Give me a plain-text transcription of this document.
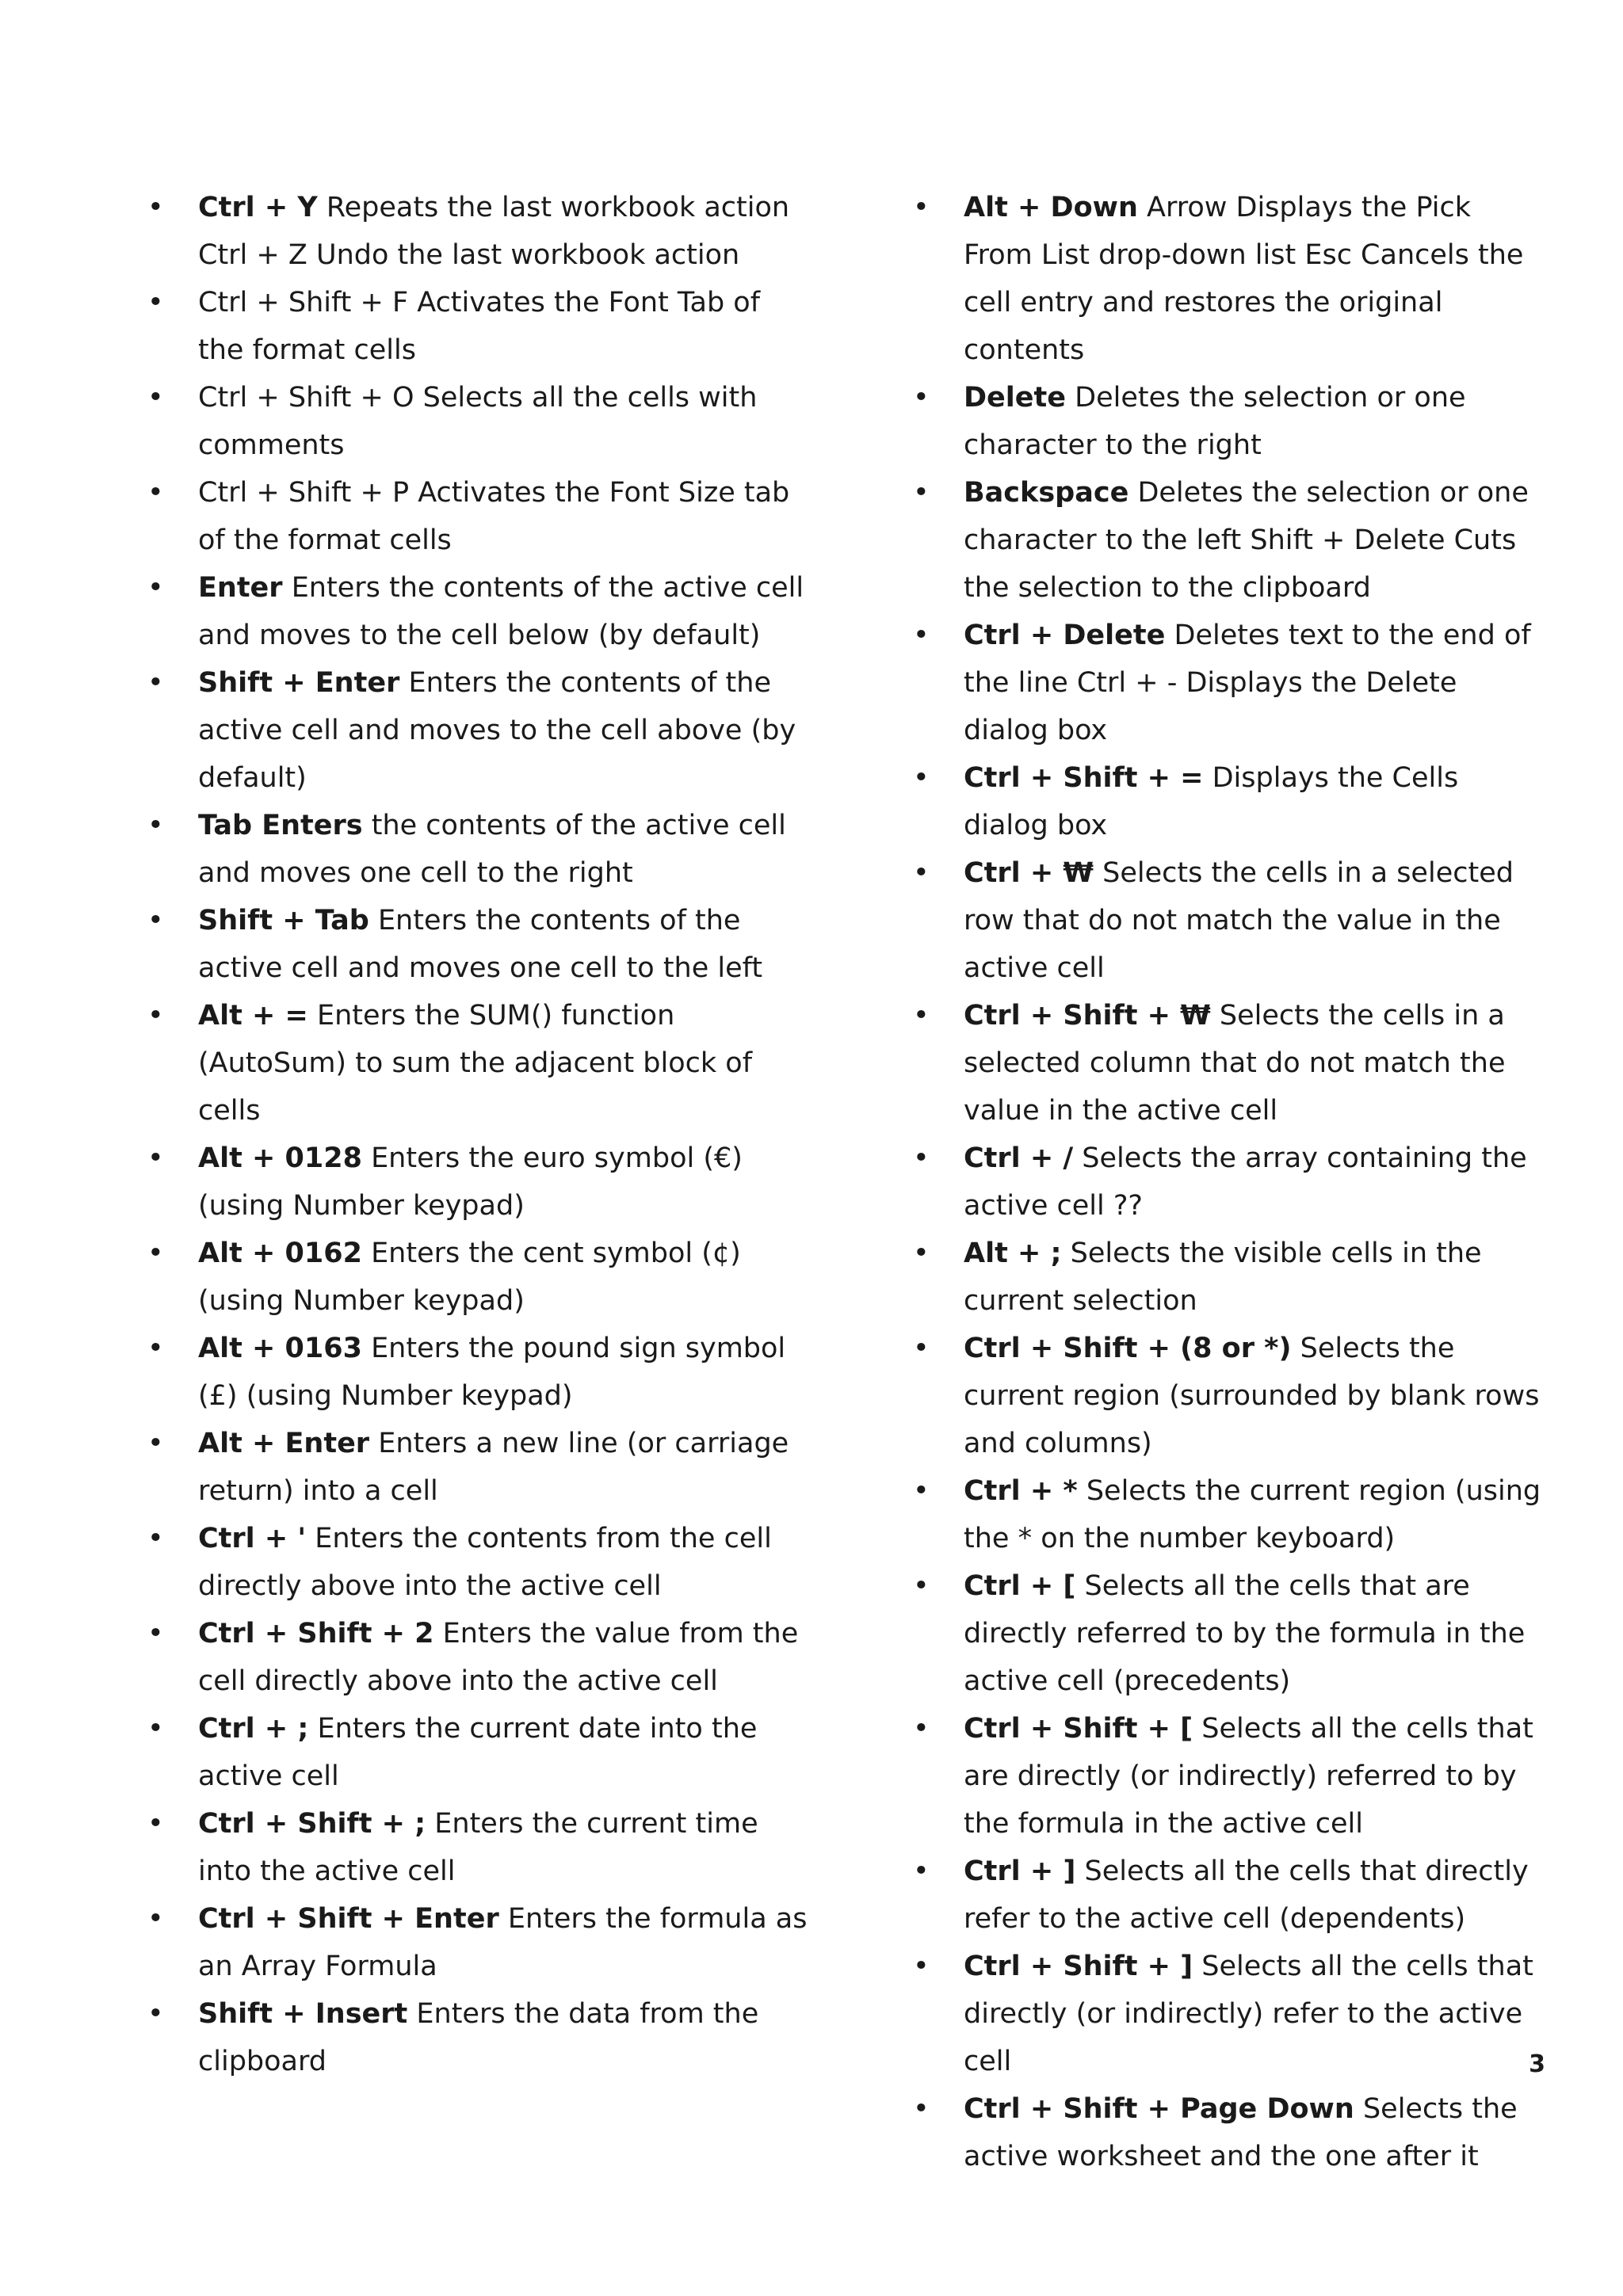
• Ctrl + Y Repeats the last workbook action Ctrl + Z Undo the last workbook action
• Ctrl + Shift + F Activates the Font Tab of the format cells
• Ctrl + Shift + O Selects all the cells with comments
• Ctrl + Shift + P Activates the Font Size tab of the format cells
• Enter Enters the contents of the active cell and moves to the cell below (by default)
• Shift + Enter Enters the contents of the active cell and moves to the cell above (by default)
• Tab Enters the contents of the active cell and moves one cell to the right
• Shift + Tab Enters the contents of the active cell and moves one cell to the left
• Alt + = Enters the SUM() function (AutoSum) to sum the adjacent block of cells
• Alt + 0128 Enters the euro symbol (€) (using Number keypad)
• Alt + 0162 Enters the cent symbol (¢) (using Number keypad)
• Alt + 0163 Enters the pound sign symbol (£) (using Number keypad)
• Alt + Enter Enters a new line (or carriage return) into a cell
• Ctrl + ' Enters the contents from the cell directly above into the active cell
• Ctrl + Shift + 2 Enters the value from the cell directly above into the active cell
• Ctrl + ; Enters the current date into the active cell
• Ctrl + Shift + ; Enters the current time into the active cell
• Ctrl + Shift + Enter Enters the formula as an Array Formula
• Shift + Insert Enters the data from the clipboard
• Alt + Down Arrow Displays the Pick From List drop-down list Esc Cancels the cell entry and restores the original contents
• Delete Deletes the selection or one character to the right
• Backspace Deletes the selection or one character to the left Shift + Delete Cuts the selection to the clipboard
• Ctrl + Delete Deletes text to the end of the line Ctrl + - Displays the Delete dialog box
• Ctrl + Shift + = Displays the Cells dialog box
• Ctrl + ₩ Selects the cells in a selected row that do not match the value in the active cell
• Ctrl + Shift + ₩ Selects the cells in a selected column that do not match the value in the active cell
• Ctrl + / Selects the array containing the active cell ??
• Alt + ; Selects the visible cells in the current selection
• Ctrl + Shift + (8 or *) Selects the current region (surrounded by blank rows and columns)
• Ctrl + * Selects the current region (using the * on the number keyboard)
• Ctrl + [ Selects all the cells that are directly referred to by the formula in the active cell (precedents)
• Ctrl + Shift + [ Selects all the cells that are directly (or indirectly) referred to by the formula in the active cell
• Ctrl + ] Selects all the cells that directly refer to the active cell (dependents)
• Ctrl + Shift + ] Selects all the cells that directly (or indirectly) refer to the active cell
• Ctrl + Shift + Page Down Selects the active worksheet and the one after it
3
